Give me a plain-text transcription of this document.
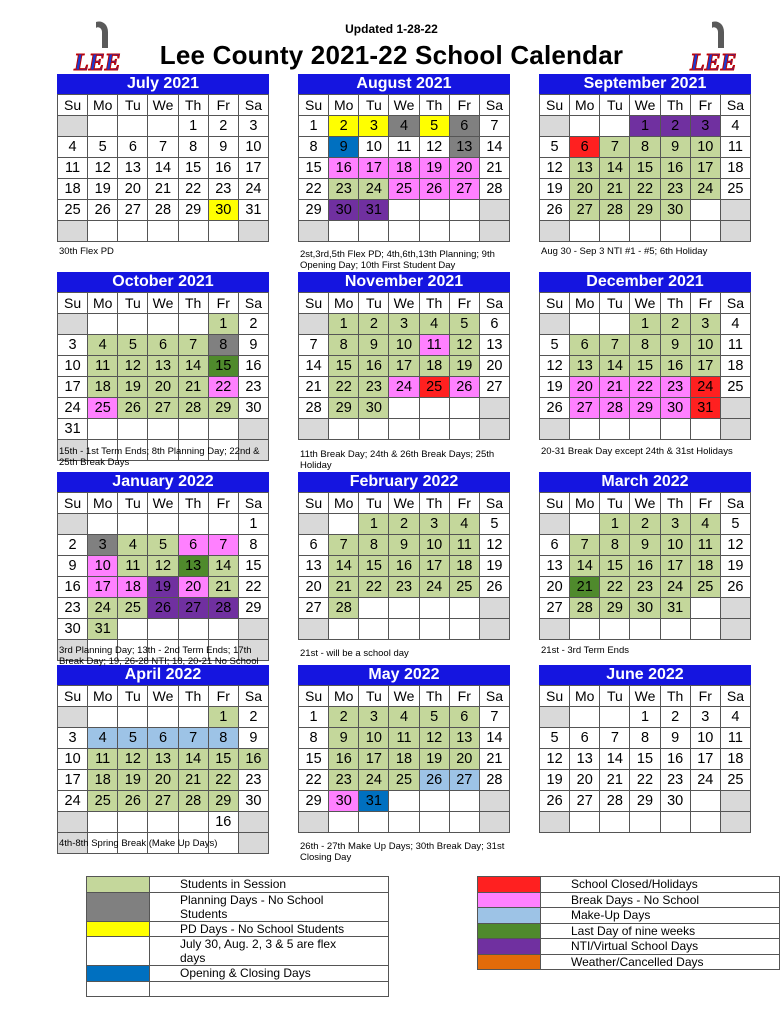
Updated 1-28-22
Lee County 2021-22 School Calendar
LEE	LEE
July 2021
Su	Mo	Tu	We	Th	Fr	Sa
				1	2	3
4	5	6	7	8	9	10
11	12	13	14	15	16	17
18	19	20	21	22	23	24
25	26	27	28	29	30	31

August 2021
Su	Mo	Tu	We	Th	Fr	Sa
1	2	3	4	5	6	7
8	9	10	11	12	13	14
15	16	17	18	19	20	21
22	23	24	25	26	27	28
29	30	31				

September 2021
Su	Mo	Tu	We	Th	Fr	Sa
			1	2	3	4
5	6	7	8	9	10	11
12	13	14	15	16	17	18
19	20	21	22	23	24	25
26	27	28	29	30		

October 2021
Su	Mo	Tu	We	Th	Fr	Sa
					1	2
3	4	5	6	7	8	9
10	11	12	13	14	15	16
17	18	19	20	21	22	23
24	25	26	27	28	29	30
31						

November 2021
Su	Mo	Tu	We	Th	Fr	Sa
	1	2	3	4	5	6
7	8	9	10	11	12	13
14	15	16	17	18	19	20
21	22	23	24	25	26	27
28	29	30				

December 2021
Su	Mo	Tu	We	Th	Fr	Sa
			1	2	3	4
5	6	7	8	9	10	11
12	13	14	15	16	17	18
19	20	21	22	23	24	25
26	27	28	29	30	31	

January 2022
Su	Mo	Tu	We	Th	Fr	Sa
						1
2	3	4	5	6	7	8
9	10	11	12	13	14	15
16	17	18	19	20	21	22
23	24	25	26	27	28	29
30	31					

February 2022
Su	Mo	Tu	We	Th	Fr	Sa
		1	2	3	4	5
6	7	8	9	10	11	12
13	14	15	16	17	18	19
20	21	22	23	24	25	26
27	28					

March 2022
Su	Mo	Tu	We	Th	Fr	Sa
		1	2	3	4	5
6	7	8	9	10	11	12
13	14	15	16	17	18	19
20	21	22	23	24	25	26
27	28	29	30	31		

April 2022
Su	Mo	Tu	We	Th	Fr	Sa
					1	2
3	4	5	6	7	8	9
10	11	12	13	14	15	16
17	18	19	20	21	22	23
24	25	26	27	28	29	30
					16	

May 2022
Su	Mo	Tu	We	Th	Fr	Sa
1	2	3	4	5	6	7
8	9	10	11	12	13	14
15	16	17	18	19	20	21
22	23	24	25	26	27	28
29	30	31				

June 2022
Su	Mo	Tu	We	Th	Fr	Sa
			1	2	3	4
5	6	7	8	9	10	11
12	13	14	15	16	17	18
19	20	21	22	23	24	25
26	27	28	29	30		

	Students in Session
	Planning Days - No School Students
	PD Days - No School Students
	July 30, Aug. 2, 3 & 5 are flex days
	Opening & Closing Days

	School Closed/Holidays
	Break Days - No School
	Make-Up Days
	Last Day of nine weeks
	NTI/Virtual School Days
	Weather/Cancelled Days
30th Flex PD	2st,3rd,5th Flex PD; 4th,6th,13th Planning; 9th Opening Day; 10th First Student Day
Aug 30 - Sep 3 NTI #1 - #5; 6th Holiday
15th - 1st Term Ends; 8th Planning Day; 22nd & 25th Break Days
11th Break Day; 24th & 26th Break Days; 25th Holiday
20-31 Break Day except 24th & 31st Holidays
3rd Planning Day; 13th - 2nd Term Ends; 17th Break Day; 19, 26-28 NTI; 18, 20-21 No School
21st - will be a school day	21st - 3rd Term Ends
4th-8th Spring Break (Make Up Days)	26th - 27th Make Up Days; 30th Break Day; 31st Closing Day
